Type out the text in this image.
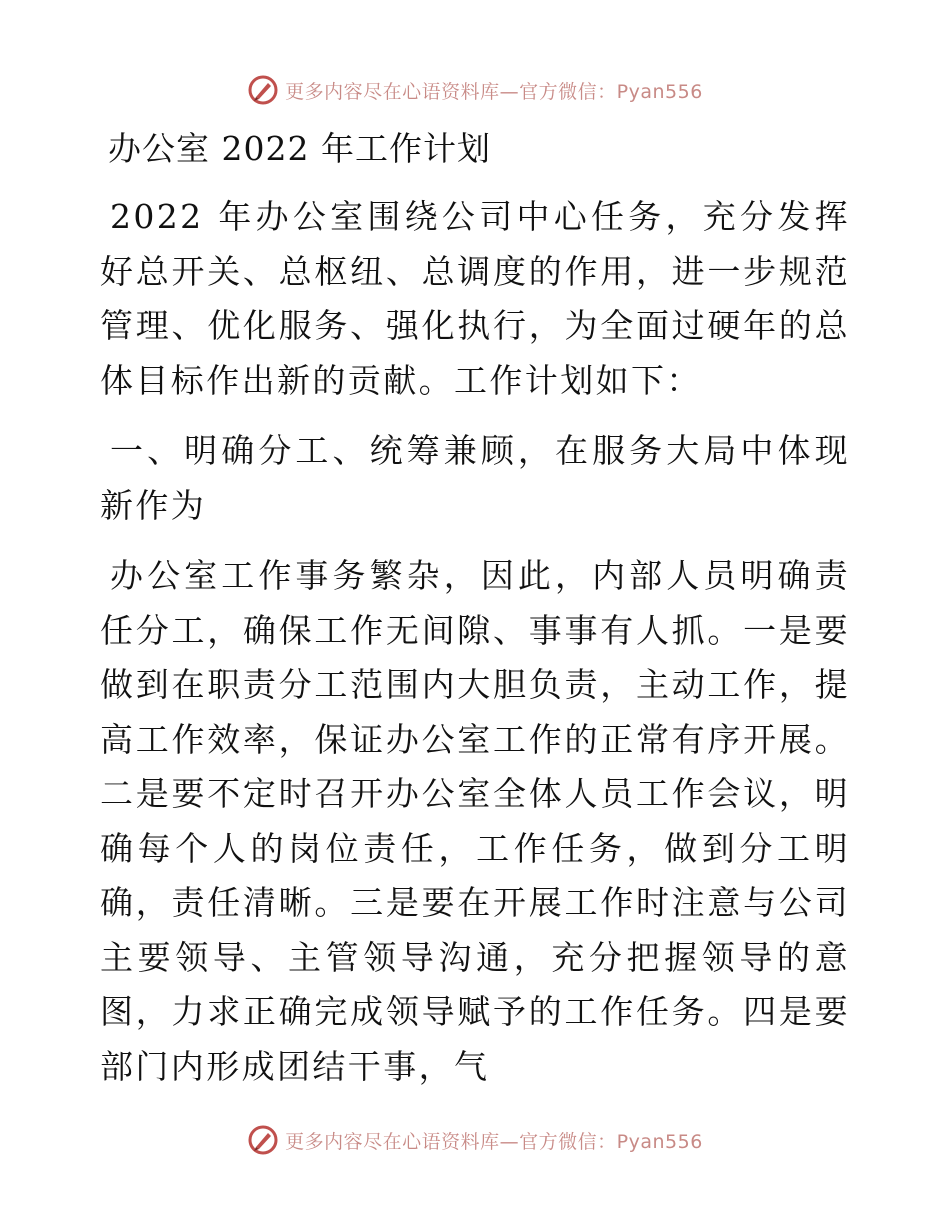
更多内容尽在心语资料库—官方微信：Pyan556
办公室 2022 年工作计划

2022 年办公室围绕公司中心任务，充分发挥好总开关、总枢纽、总调度的作用，进一步规范管理、优化服务、强化执行，为全面过硬年的总体目标作出新的贡献。工作计划如下：

一、明确分工、统筹兼顾，在服务大局中体现新作为

办公室工作事务繁杂，因此，内部人员明确责任分工，确保工作无间隙、事事有人抓。一是要做到在职责分工范围内大胆负责，主动工作，提高工作效率，保证办公室工作的正常有序开展。二是要不定时召开办公室全体人员工作会议，明确每个人的岗位责任，工作任务，做到分工明确，责任清晰。三是要在开展工作时注意与公司主要领导、主管领导沟通，充分把握领导的意图，力求正确完成领导赋予的工作任务。四是要部门内形成团结干事，气

更多内容尽在心语资料库—官方微信：Pyan556
